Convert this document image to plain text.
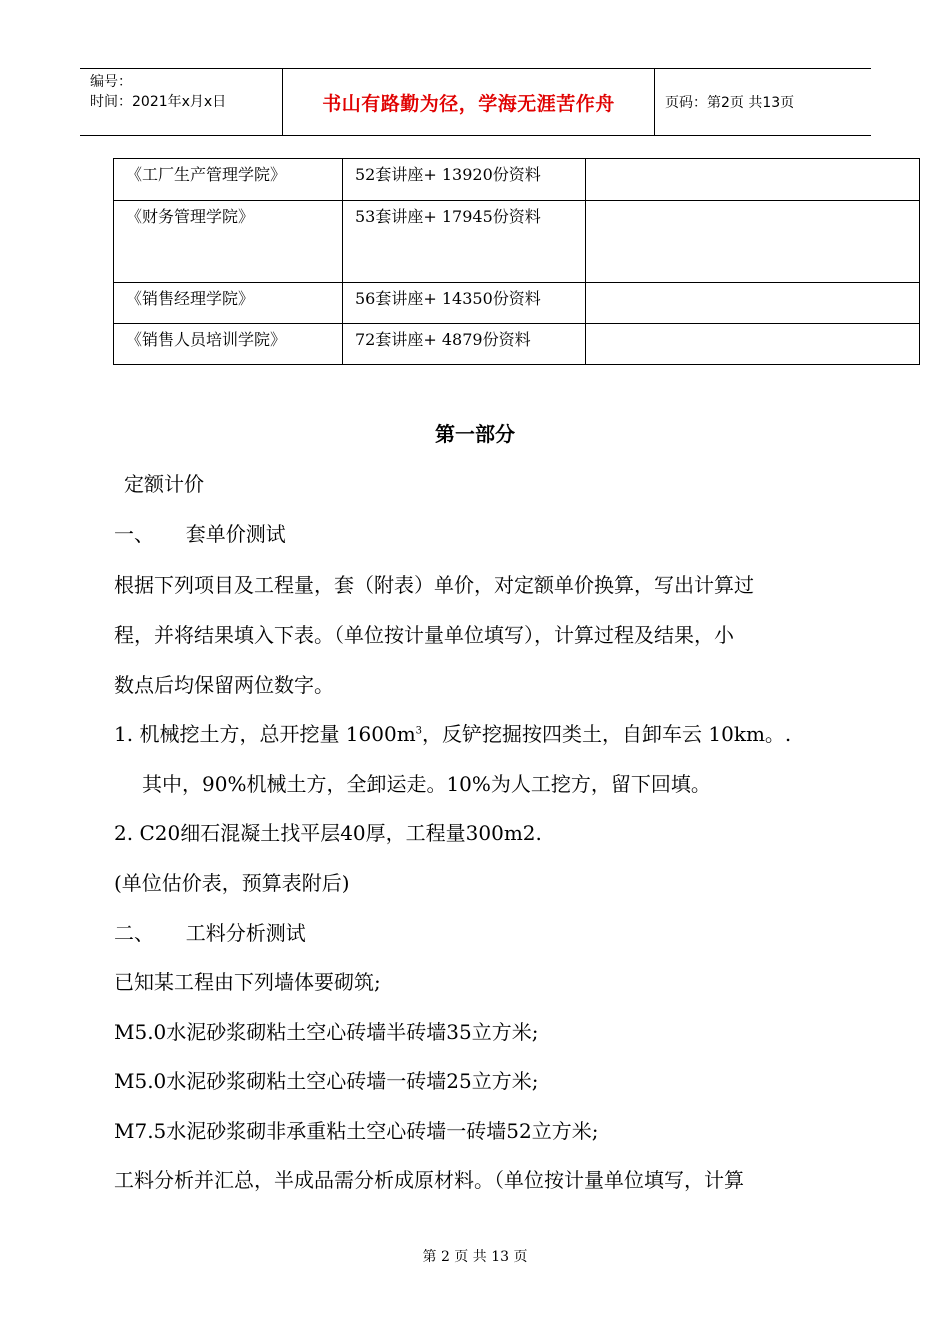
编号：
时间：2021年x月x日	书山有路勤为径，学海无涯苦作舟	页码：第2页 共13页
《工厂生产管理学院》	52套讲座+ 13920份资料	

《财务管理学院》	53套讲座+ 17945份资料	

《销售经理学院》	56套讲座+ 14350份资料	

《销售人员培训学院》	72套讲座+ 4879份资料	

第一部分
定额计价
一、     套单价测试
根据下列项目及工程量，套（附表）单价，对定额单价换算，写出计算过
程，并将结果填入下表。（单位按计量单位填写），计算过程及结果，小
数点后均保留两位数字。
1. 机械挖土方，总开挖量 $1600m^3$，反铲挖掘按四类土，自卸车云 10km。.
其中，90%机械土方，全卸运走。10%为人工挖方，留下回填。
2. C20细石混凝土找平层40厚，工程量300m2.
(单位估价表，预算表附后)
二、     工料分析测试
已知某工程由下列墙体要砌筑;
M5.0水泥砂浆砌粘土空心砖墙半砖墙35立方米;
M5.0水泥砂浆砌粘土空心砖墙一砖墙25立方米;
M7.5水泥砂浆砌非承重粘土空心砖墙一砖墙52立方米;
工料分析并汇总，半成品需分析成原材料。（单位按计量单位填写，计算
第 2 页 共 13 页
